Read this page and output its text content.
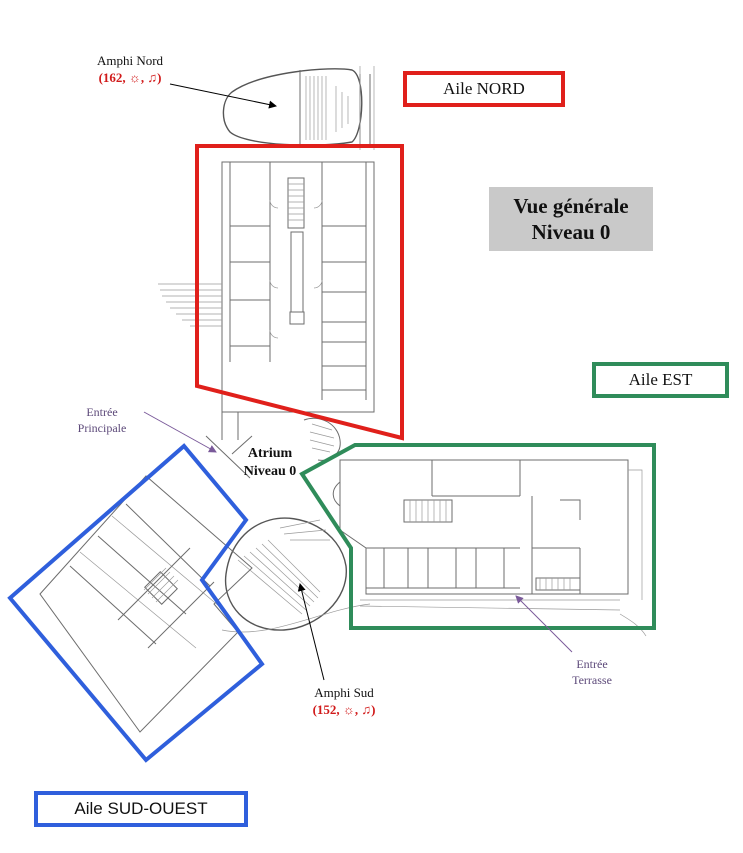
Aile NORD
Aile EST
Aile SUD-OUEST
Vue générale
Niveau 0
Amphi Nord
(162, ☼, ♫)
Amphi Sud
(152, ☼, ♫)
Atrium
Niveau 0
Entrée
Principale
Entrée
Terrasse
